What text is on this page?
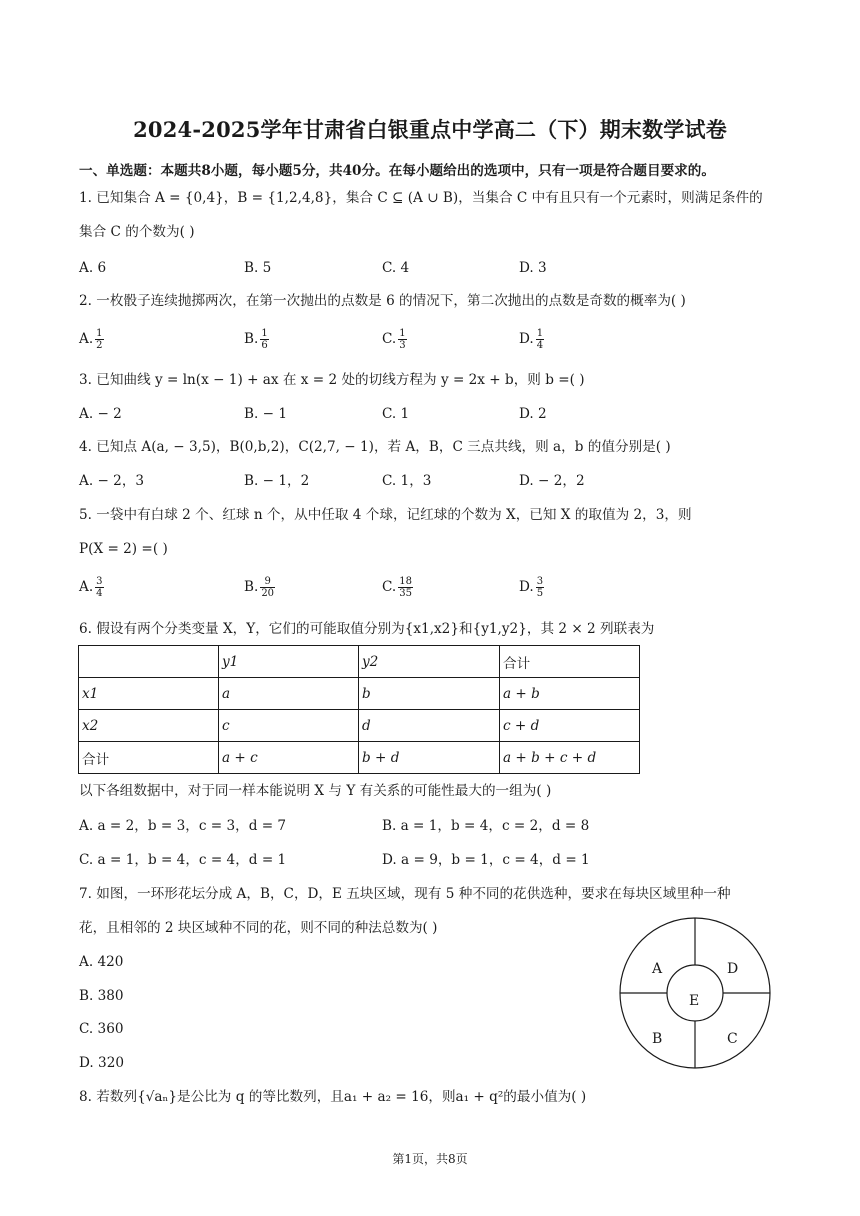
2024-2025学年甘肃省白银重点中学高二（下）期末数学试卷
一、单选题：本题共8小题，每小题5分，共40分。在每小题给出的选项中，只有一项是符合题目要求的。
1. 已知集合 A = {0,4}，B = {1,2,4,8}，集合 C ⊆ (A ∪ B)，当集合 C 中有且只有一个元素时，则满足条件的
集合 C 的个数为( )
A. 6	B. 5	C. 4	D. 3
2. 一枚骰子连续抛掷两次，在第一次抛出的点数是 6 的情况下，第二次抛出的点数是奇数的概率为( )
A. $\frac{1}{2}$	B. $\frac{1}{6}$	C. $\frac{1}{3}$	D. $\frac{1}{4}$
3. 已知曲线 y = ln(x − 1) + ax 在 x = 2 处的切线方程为 y = 2x + b，则 b =( )
A. − 2	B. − 1	C. 1	D. 2
4. 已知点 A(a, − 3,5)，B(0,b,2)，C(2,7, − 1)，若 A，B，C 三点共线，则 a，b 的值分别是( )
A. − 2，3	B. − 1，2	C. 1，3	D. − 2，2
5. 一袋中有白球 2 个、红球 n 个，从中任取 4 个球，记红球的个数为 X，已知 X 的取值为 2，3，则
P(X = 2) =( )
A. $\frac{3}{4}$	B. $\frac{9}{20}$	C. $\frac{18}{35}$	D. $\frac{3}{5}$
6. 假设有两个分类变量 X，Y，它们的可能取值分别为{x1,x2}和{y1,y2}，其 2 × 2 列联表为
	y1	y2	合计
x1	a	b	a + b
x2	c	d	c + d
合计	a + c	b + d	a + b + c + d
以下各组数据中，对于同一样本能说明 X 与 Y 有关系的可能性最大的一组为( )
A. a = 2，b = 3，c = 3，d = 7	B. a = 1，b = 4，c = 2，d = 8
C. a = 1，b = 4，c = 4，d = 1	D. a = 9，b = 1，c = 4，d = 1
7. 如图，一环形花坛分成 A，B，C，D，E 五块区域，现有 5 种不同的花供选种，要求在每块区域里种一种
花，且相邻的 2 块区域种不同的花，则不同的种法总数为( )
A. 420
B. 380
C. 360
D. 320
A	D
E
B	C
8. 若数列{√aₙ}是公比为 q 的等比数列，且a₁ + a₂ = 16，则a₁ + q²的最小值为( )
第1页，共8页
